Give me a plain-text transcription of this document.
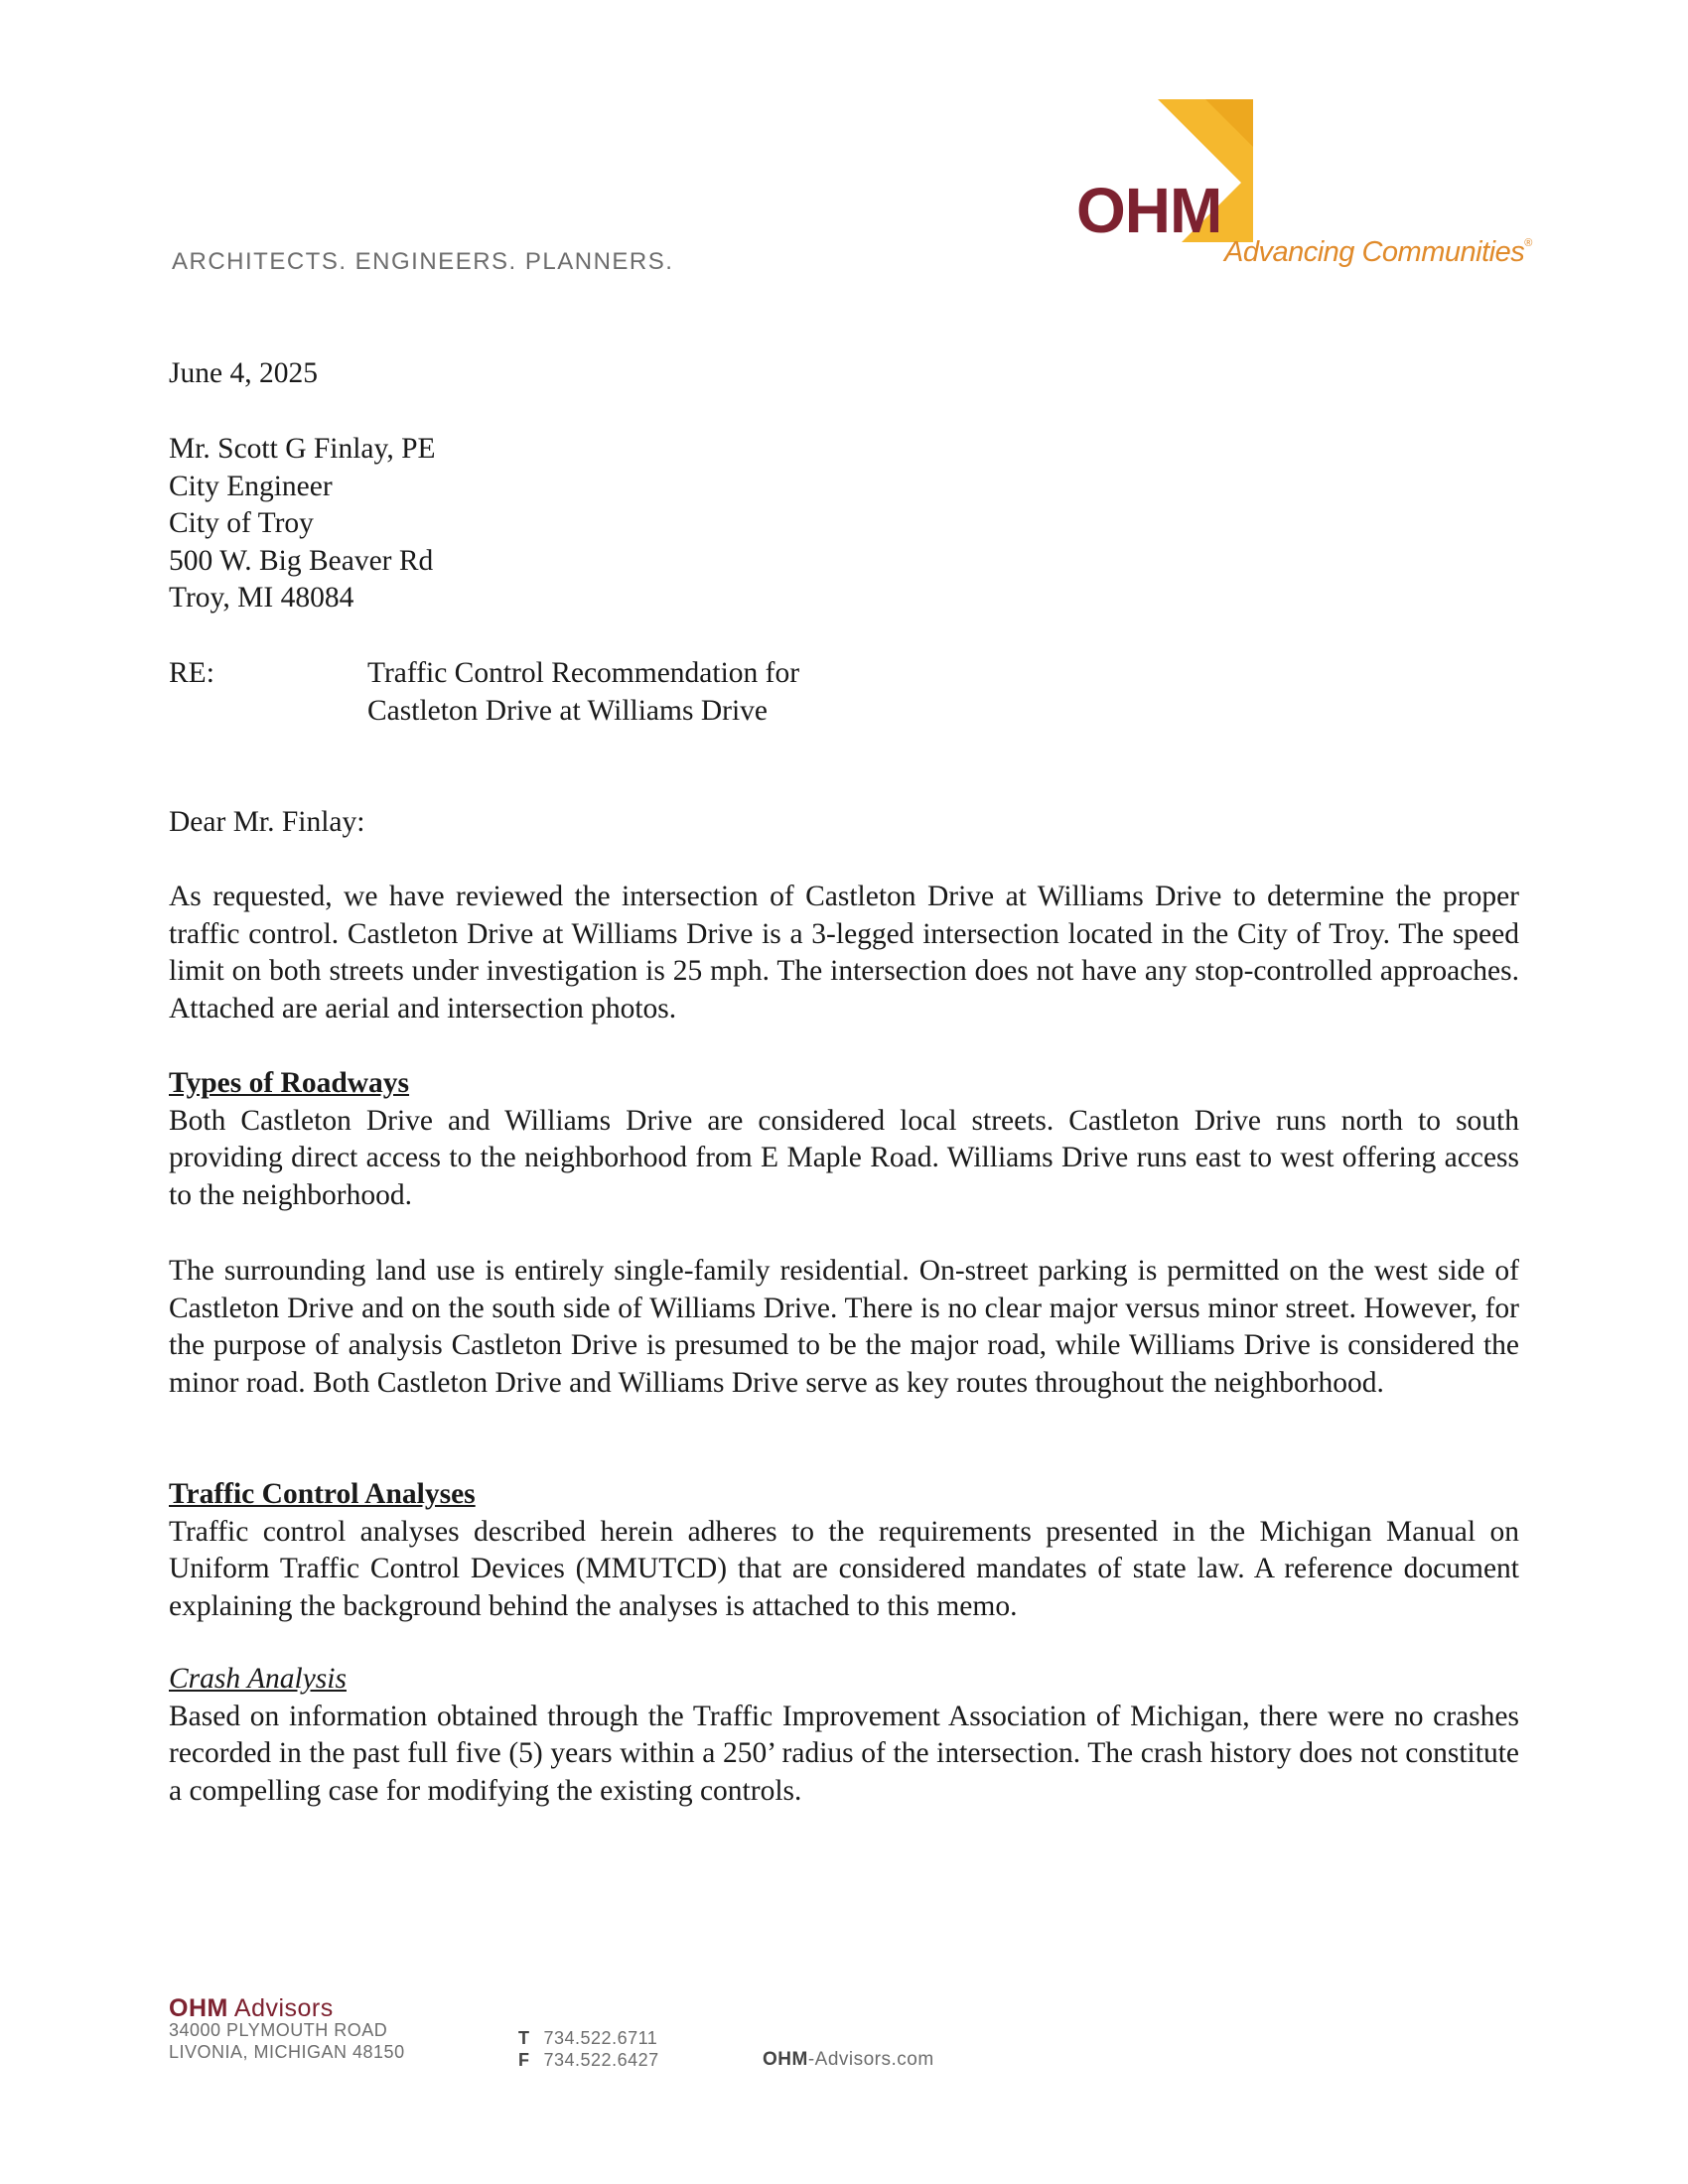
ARCHITECTS. ENGINEERS. PLANNERS.
OHM
Advancing Communities®
June 4, 2025
Mr. Scott G Finlay, PE
City Engineer
City of Troy
500 W. Big Beaver Rd
Troy, MI 48084
RE:	Traffic Control Recommendation for
Castleton Drive at Williams Drive
Dear Mr. Finlay:

As requested, we have reviewed the intersection of Castleton Drive at Williams Drive to determine the proper traffic control. Castleton Drive at Williams Drive is a 3-legged intersection located in the City of Troy. The speed limit on both streets under investigation is 25 mph. The intersection does not have any stop-controlled approaches. Attached are aerial and intersection photos.

Types of Roadways

Both Castleton Drive and Williams Drive are considered local streets. Castleton Drive runs north to south providing direct access to the neighborhood from E Maple Road. Williams Drive runs east to west offering access to the neighborhood.

The surrounding land use is entirely single-family residential. On-street parking is permitted on the west side of Castleton Drive and on the south side of Williams Drive. There is no clear major versus minor street. However, for the purpose of analysis Castleton Drive is presumed to be the major road, while Williams Drive is considered the minor road. Both Castleton Drive and Williams Drive serve as key routes throughout the neighborhood.

Traffic Control Analyses

Traffic control analyses described herein adheres to the requirements presented in the Michigan Manual on Uniform Traffic Control Devices (MMUTCD) that are considered mandates of state law. A reference document explaining the background behind the analyses is attached to this memo.

Crash Analysis

Based on information obtained through the Traffic Improvement Association of Michigan, there were no crashes recorded in the past full five (5) years within a 250’ radius of the intersection. The crash history does not constitute a compelling case for modifying the existing controls.

OHM Advisors
34000 PLYMOUTH ROAD
LIVONIA, MICHIGAN 48150
T 734.522.6711
F 734.522.6427	OHM-Advisors.com
